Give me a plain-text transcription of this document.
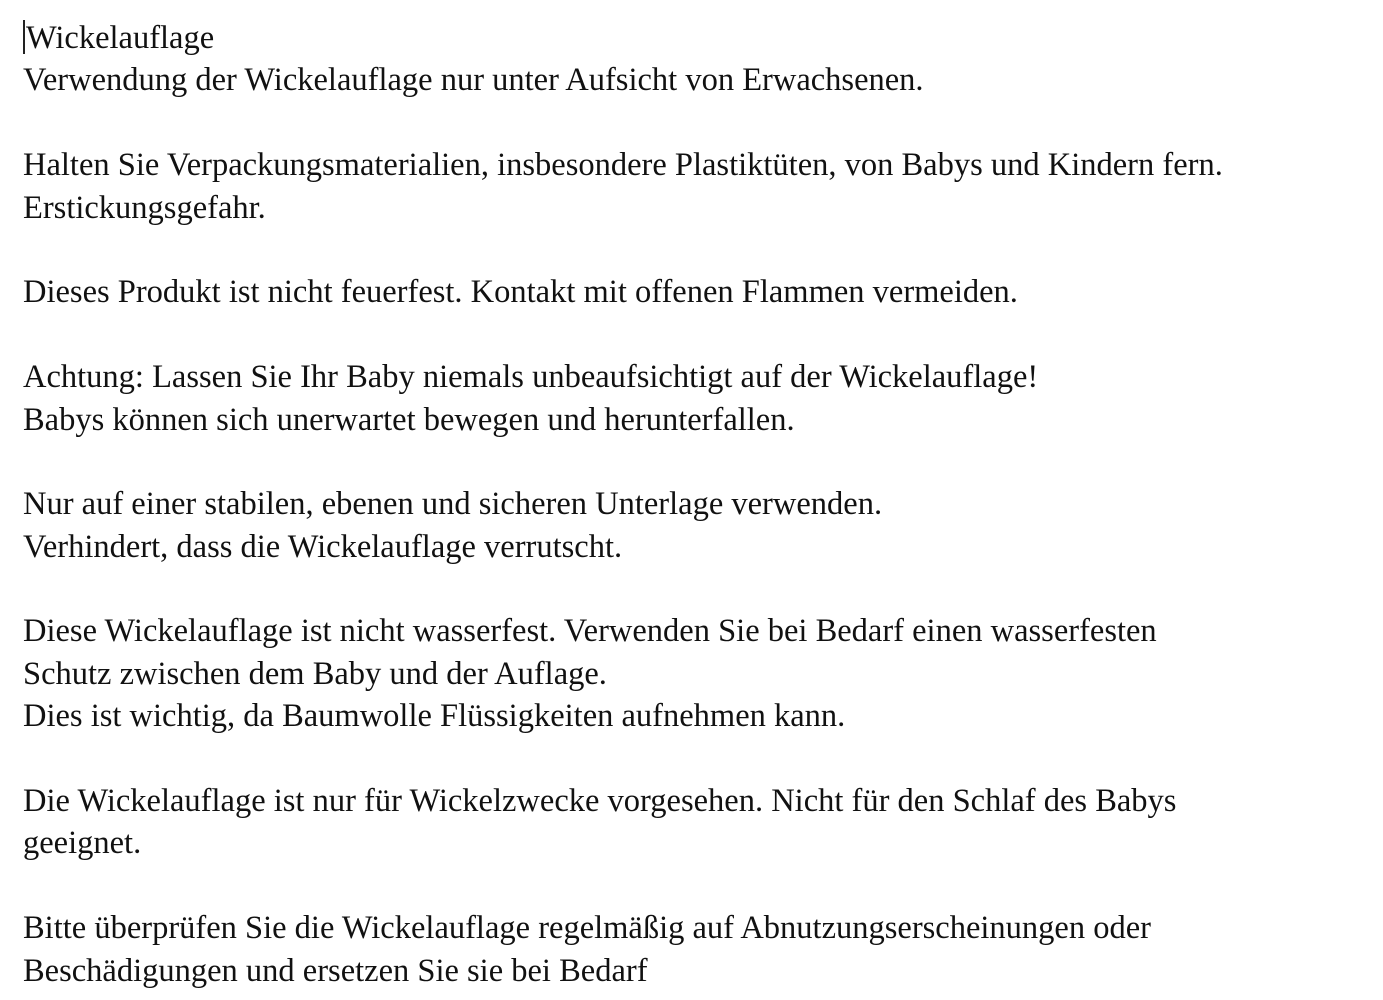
Wickelauflage
Verwendung der Wickelauflage nur unter Aufsicht von Erwachsenen.
Halten Sie Verpackungsmaterialien, insbesondere Plastiktüten, von Babys und Kindern fern.
Erstickungsgefahr.
Dieses Produkt ist nicht feuerfest. Kontakt mit offenen Flammen vermeiden.
Achtung: Lassen Sie Ihr Baby niemals unbeaufsichtigt auf der Wickelauflage!
Babys können sich unerwartet bewegen und herunterfallen.
Nur auf einer stabilen, ebenen und sicheren Unterlage verwenden.
Verhindert, dass die Wickelauflage verrutscht.
Diese Wickelauflage ist nicht wasserfest. Verwenden Sie bei Bedarf einen wasserfesten
Schutz zwischen dem Baby und der Auflage.
Dies ist wichtig, da Baumwolle Flüssigkeiten aufnehmen kann.
Die Wickelauflage ist nur für Wickelzwecke vorgesehen. Nicht für den Schlaf des Babys
geeignet.
Bitte überprüfen Sie die Wickelauflage regelmäßig auf Abnutzungserscheinungen oder
Beschädigungen und ersetzen Sie sie bei Bedarf
